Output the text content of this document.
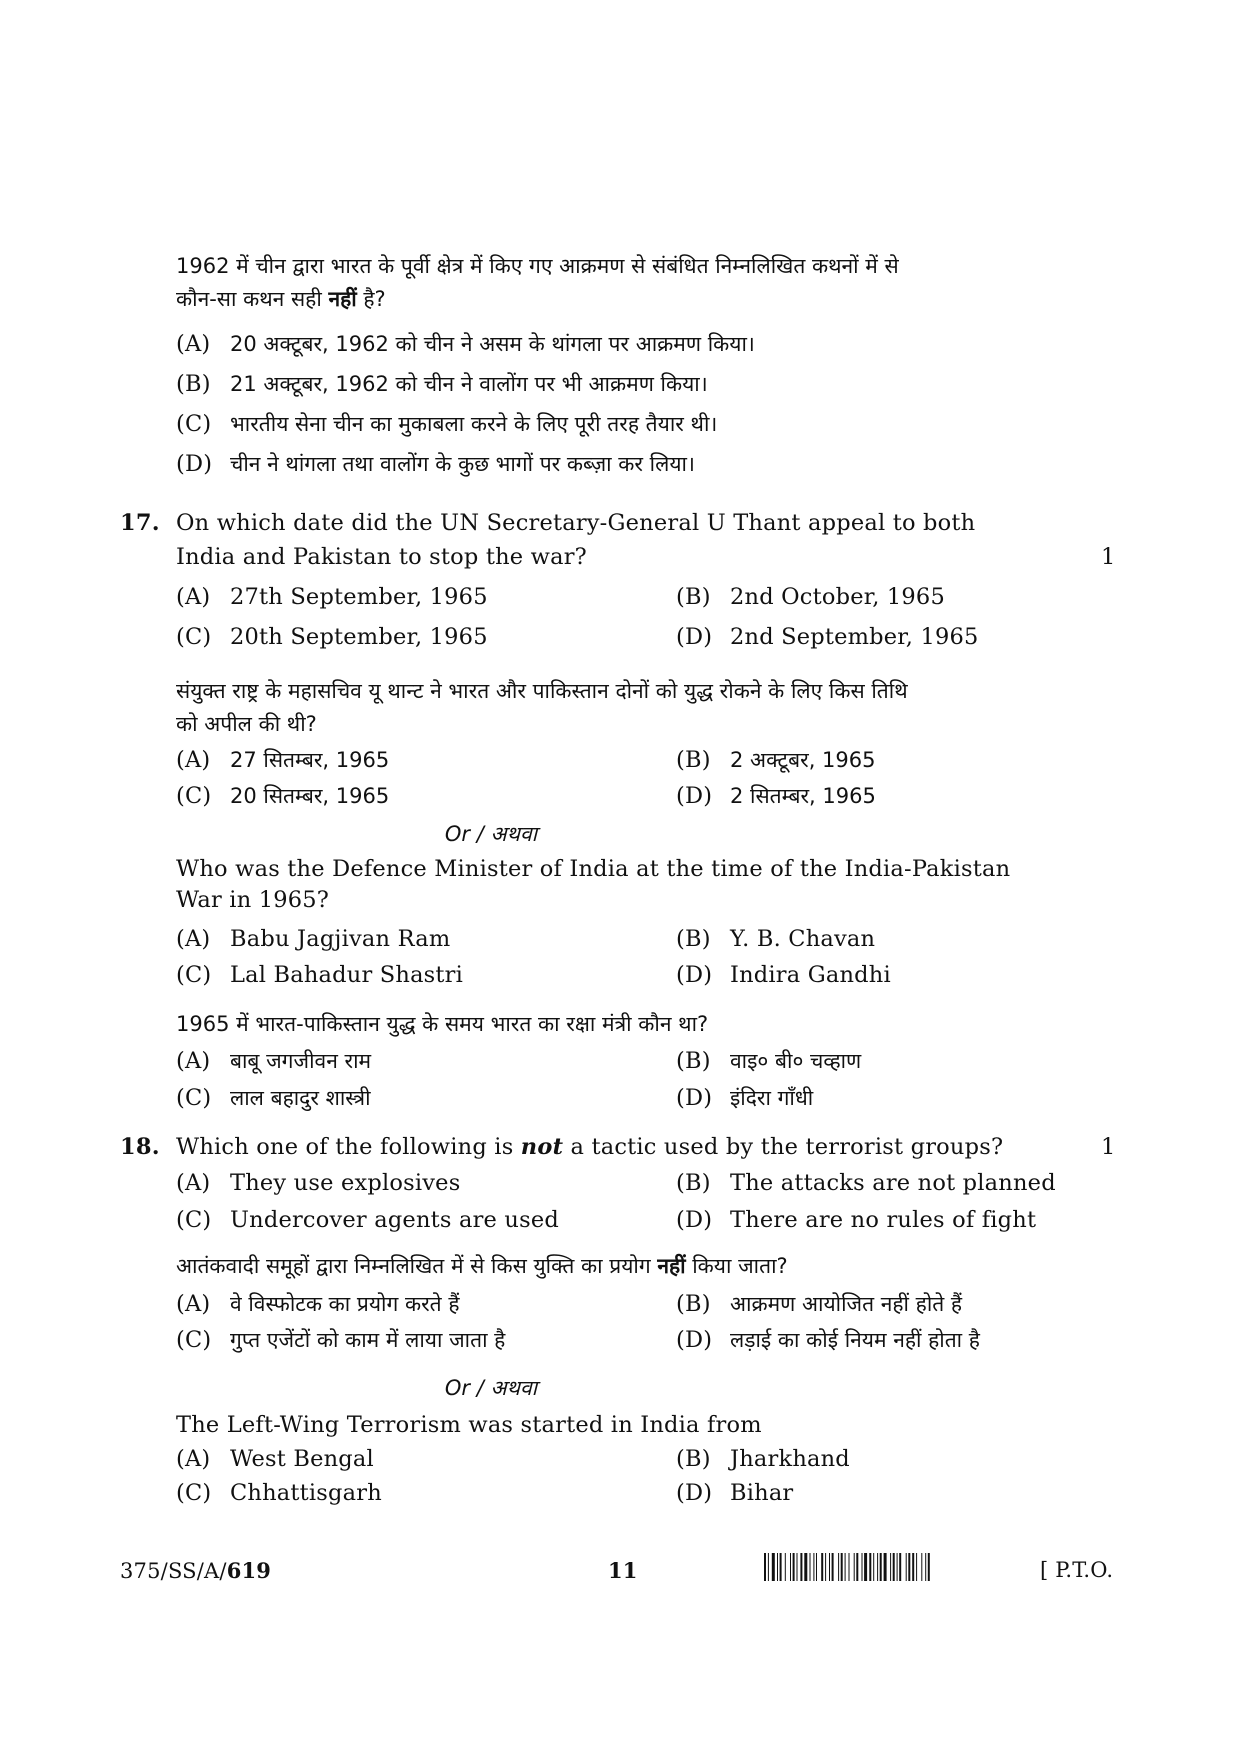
1962 में चीन द्वारा भारत के पूर्वी क्षेत्र में किए गए आक्रमण से संबंधित निम्नलिखित कथनों में से
कौन-सा कथन सही नहीं है?
(A) 20 अक्टूबर, 1962 को चीन ने असम के थांगला पर आक्रमण किया।
(B) 21 अक्टूबर, 1962 को चीन ने वालोंग पर भी आक्रमण किया।
(C) भारतीय सेना चीन का मुकाबला करने के लिए पूरी तरह तैयार थी।
(D) चीन ने थांगला तथा वालोंग के कुछ भागों पर कब्ज़ा कर लिया।
17. On which date did the UN Secretary-General U Thant appeal to both
India and Pakistan to stop the war?	1
(A) 27th September, 1965	(B) 2nd October, 1965
(C) 20th September, 1965	(D) 2nd September, 1965
संयुक्त राष्ट्र के महासचिव यू थान्ट ने भारत और पाकिस्तान दोनों को युद्ध रोकने के लिए किस तिथि
को अपील की थी?
(A) 27 सितम्बर, 1965	(B) 2 अक्टूबर, 1965
(C) 20 सितम्बर, 1965	(D) 2 सितम्बर, 1965
Or / अथवा
Who was the Defence Minister of India at the time of the India-Pakistan
War in 1965?
(A) Babu Jagjivan Ram	(B) Y. B. Chavan
(C) Lal Bahadur Shastri	(D) Indira Gandhi
1965 में भारत-पाकिस्तान युद्ध के समय भारत का रक्षा मंत्री कौन था?
(A) बाबू जगजीवन राम	(B) वाइ० बी० चव्हाण
(C) लाल बहादुर शास्त्री	(D) इंदिरा गाँधी
18. Which one of the following is not a tactic used by the terrorist groups?	1
(A) They use explosives	(B) The attacks are not planned
(C) Undercover agents are used	(D) There are no rules of fight
आतंकवादी समूहों द्वारा निम्नलिखित में से किस युक्ति का प्रयोग नहीं किया जाता?
(A) वे विस्फोटक का प्रयोग करते हैं	(B) आक्रमण आयोजित नहीं होते हैं
(C) गुप्त एजेंटों को काम में लाया जाता है	(D) लड़ाई का कोई नियम नहीं होता है
Or / अथवा
The Left-Wing Terrorism was started in India from
(A) West Bengal	(B) Jharkhand
(C) Chhattisgarh	(D) Bihar
375/SS/A/619	11	[ P.T.O.
